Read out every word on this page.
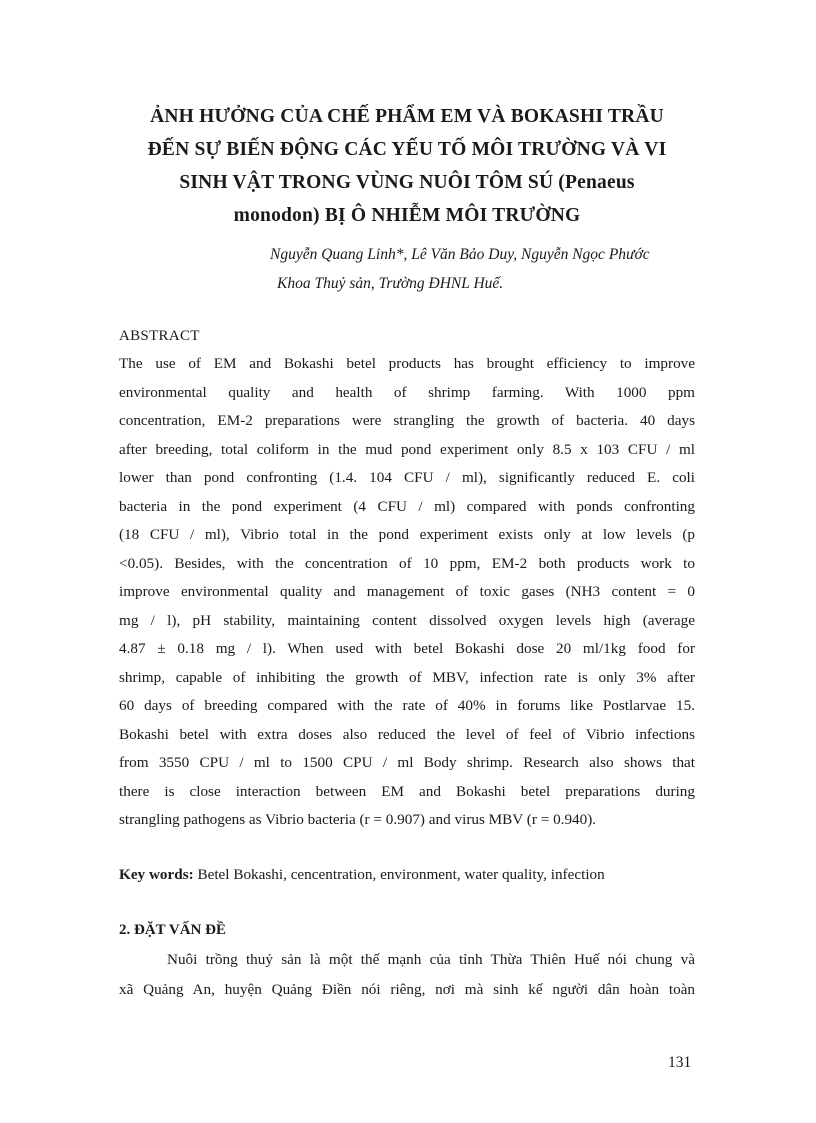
ẢNH HƯỞNG CỦA CHẾ PHẨM EM VÀ BOKASHI TRẦU
ĐẾN SỰ BIẾN ĐỘNG CÁC YẾU TỐ MÔI TRƯỜNG VÀ VI
SINH VẬT TRONG VÙNG NUÔI TÔM SÚ (Penaeus
monodon) BỊ Ô NHIỄM MÔI TRƯỜNG
Nguyễn Quang Linh*, Lê Văn Bảo Duy, Nguyễn Ngọc Phước
Khoa Thuỷ sản, Trường ĐHNL Huế.
ABSTRACT
The use of EM and Bokashi betel products has brought efficiency to improve
environmental quality and health of shrimp farming. With 1000 ppm
concentration, EM-2 preparations were strangling the growth of bacteria. 40 days
after breeding, total coliform in the mud pond experiment only 8.5 x 103 CFU / ml
lower than pond confronting (1.4. 104 CFU / ml), significantly reduced E. coli
bacteria in the pond experiment (4 CFU / ml) compared with ponds confronting
(18 CFU / ml), Vibrio total in the pond experiment exists only at low levels (p
<0.05). Besides, with the concentration of 10 ppm, EM-2 both products work to
improve environmental quality and management of toxic gases (NH3 content = 0
mg / l), pH stability, maintaining content dissolved oxygen levels high (average
4.87 ± 0.18 mg / l). When used with betel Bokashi dose 20 ml/1kg food for
shrimp, capable of inhibiting the growth of MBV, infection rate is only 3% after
60 days of breeding compared with the rate of 40% in forums like Postlarvae 15.
Bokashi betel with extra doses also reduced the level of feel of Vibrio infections
from 3550 CPU / ml to 1500 CPU / ml Body shrimp. Research also shows that
there is close interaction between EM and Bokashi betel preparations during
strangling pathogens as Vibrio bacteria (r = 0.907) and virus MBV (r = 0.940).
Key words: Betel Bokashi, cencentration, environment, water quality, infection
2. ĐẶT VẤN ĐỀ
Nuôi trồng thuỷ sản là một thế mạnh của tỉnh Thừa Thiên Huế nói chung và
xã Quảng An, huyện Quảng Điền nói riêng, nơi mà sinh kế người dân hoàn toàn
131
